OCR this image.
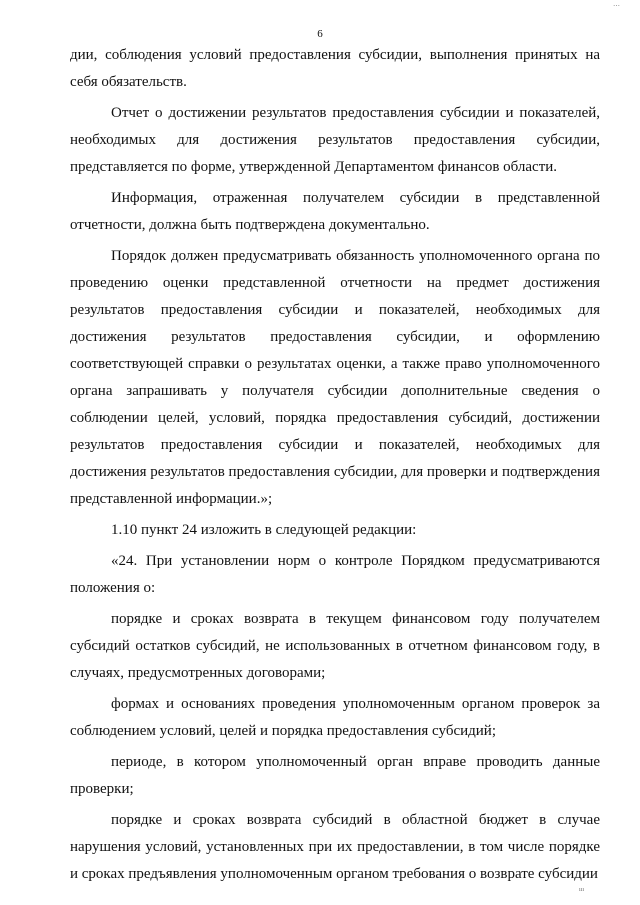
…
6

дии, соблюдения условий предоставления субсидии, выполнения принятых на себя обязательств.

Отчет о достижении результатов предоставления субсидии и показателей, необходимых для достижения результатов предоставления субсидии, представляется по форме, утвержденной Департаментом финансов области.

Информация, отраженная получателем субсидии в представленной отчетности, должна быть подтверждена документально.

Порядок должен предусматривать обязанность уполномоченного органа по проведению оценки представленной отчетности на предмет достижения результатов предоставления субсидии и показателей, необходимых для достижения результатов предоставления субсидии, и оформлению соответствующей справки о результатах оценки, а также право уполномоченного органа запрашивать у получателя субсидии дополнительные сведения о соблюдении целей, условий, порядка предоставления субсидий, достижении результатов предоставления субсидии и показателей, необходимых для достижения результатов предоставления субсидии, для проверки и подтверждения представленной информации.»;

1.10 пункт 24 изложить в следующей редакции:

«24. При установлении норм о контроле Порядком предусматриваются положения о:

порядке и сроках возврата в текущем финансовом году получателем субсидий остатков субсидий, не использованных в отчетном финансовом году, в случаях, предусмотренных договорами;

формах и основаниях проведения уполномоченным органом проверок за соблюдением условий, целей и порядка предоставления субсидий;

периоде, в котором уполномоченный орган вправе проводить данные проверки;

порядке и сроках возврата субсидий в областной бюджет в случае нарушения условий, установленных при их предоставлении, в том числе порядке и сроках предъявления уполномоченным органом требования о возврате субсидии

ııı
